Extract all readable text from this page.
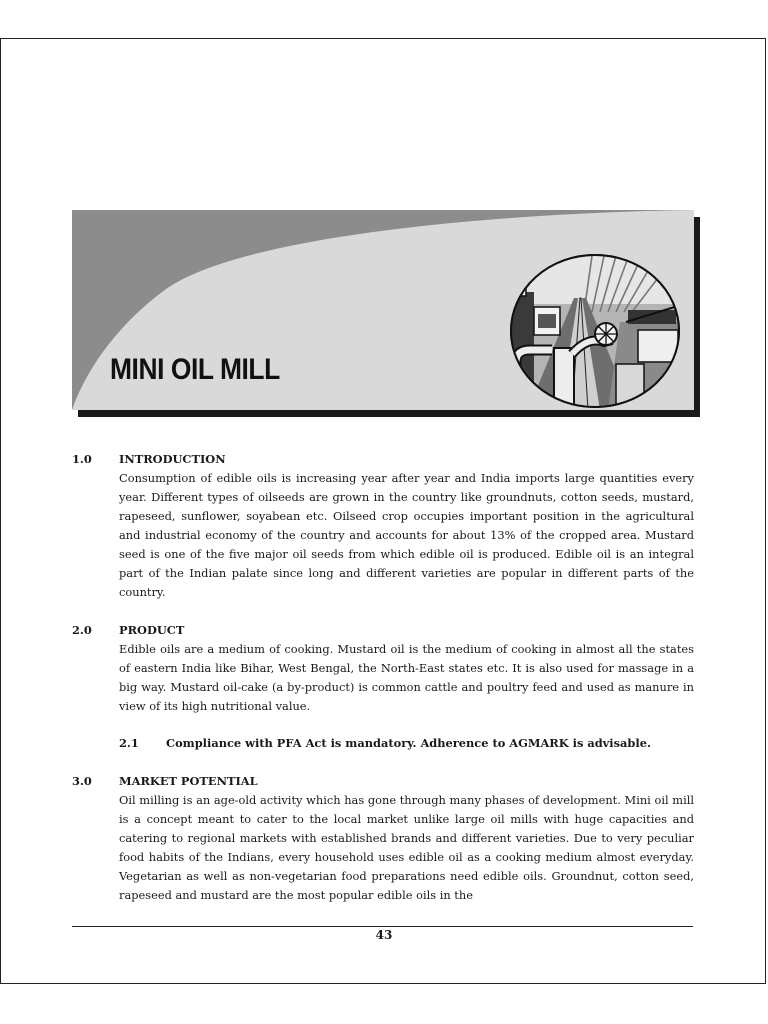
MINI OIL MILL
1.0 INTRODUCTION

Consumption of edible oils is increasing year after year and India imports large quantities every year. Different types of oilseeds are grown in the country like groundnuts, cotton seeds, mustard, rapeseed, sunflower, soyabean etc. Oilseed crop occupies important position in the agricultural and industrial economy of the country and accounts for about 13% of the cropped area. Mustard seed is one of the five major oil seeds from which edible oil is produced. Edible oil is an integral part of the Indian palate since long and different varieties are popular in different parts of the country.

2.0 PRODUCT

Edible oils are a medium of cooking. Mustard oil is the medium of cooking in almost all the states of eastern India like Bihar, West Bengal, the North-East states etc. It is also used for massage in a big way. Mustard oil-cake (a by-product) is common cattle and poultry feed and used as manure in view of its high nutritional value.

2.1 Compliance with PFA Act is mandatory. Adherence to AGMARK is advisable.
3.0 MARKET POTENTIAL

Oil milling is an age-old activity which has gone through many phases of development. Mini oil mill is a concept meant to cater to the local market unlike large oil mills with huge capacities and catering to regional markets with established brands and different varieties. Due to very peculiar food habits of the Indians, every household uses edible oil as a cooking medium almost everyday. Vegetarian as well as non-vegetarian food preparations need edible oils. Groundnut, cotton seed, rapeseed and mustard are the most popular edible oils in the

43
